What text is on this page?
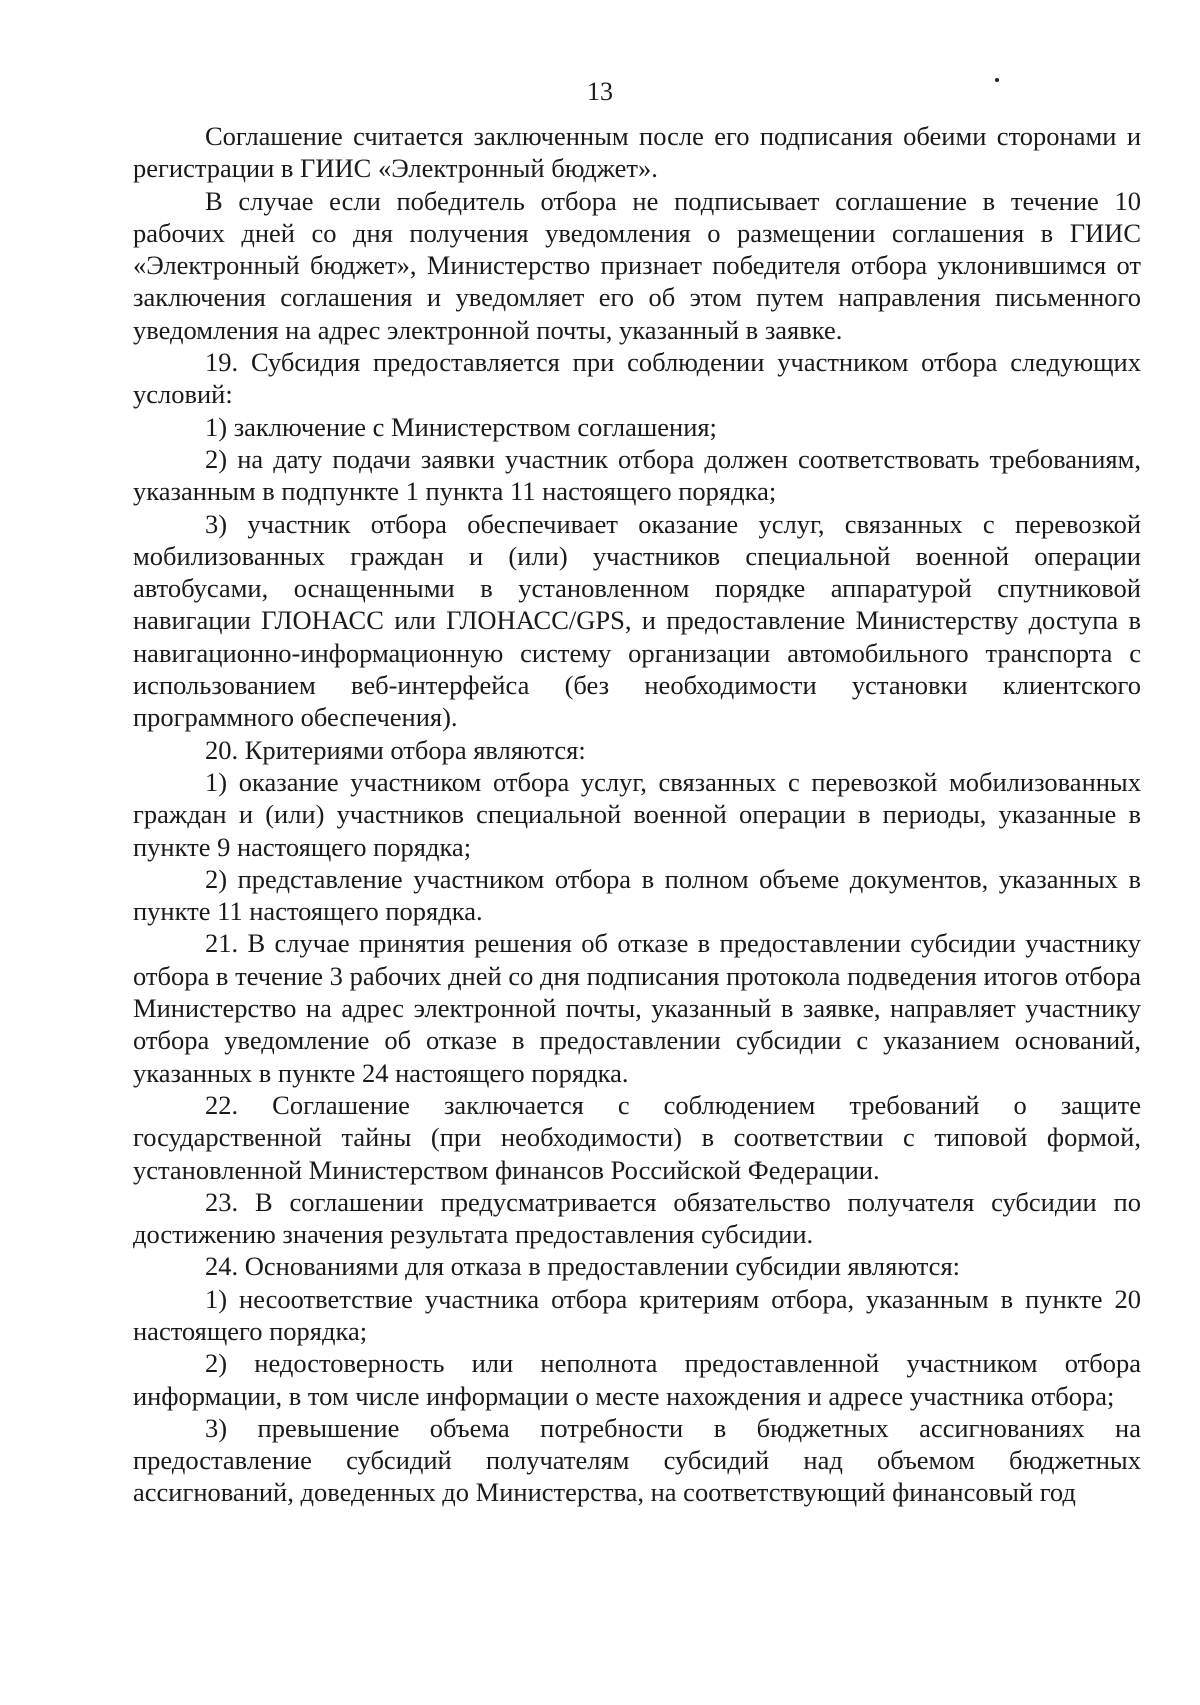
13

Соглашение считается заключенным после его подписания обеими сторонами и регистрации в ГИИС «Электронный бюджет».

В случае если победитель отбора не подписывает соглашение в течение 10 рабочих дней со дня получения уведомления о размещении соглашения в ГИИС «Электронный бюджет», Министерство признает победителя отбора уклонившимся от заключения соглашения и уведомляет его об этом путем направления письменного уведомления на адрес электронной почты, указанный в заявке.

19. Субсидия предоставляется при соблюдении участником отбора следующих условий:

1) заключение с Министерством соглашения;

2) на дату подачи заявки участник отбора должен соответствовать требованиям, указанным в подпункте 1 пункта 11 настоящего порядка;

3) участник отбора обеспечивает оказание услуг, связанных с перевозкой мобилизованных граждан и (или) участников специальной военной операции автобусами, оснащенными в установленном порядке аппаратурой спутниковой навигации ГЛОНАСС или ГЛОНАСС/GPS, и предоставление Министерству доступа в навигационно-информационную систему организации автомобильного транспорта с использованием веб-интерфейса (без необходимости установки клиентского программного обеспечения).

20. Критериями отбора являются:

1) оказание участником отбора услуг, связанных с перевозкой мобилизованных граждан и (или) участников специальной военной операции в периоды, указанные в пункте 9 настоящего порядка;

2) представление участником отбора в полном объеме документов, указанных в пункте 11 настоящего порядка.

21. В случае принятия решения об отказе в предоставлении субсидии участнику отбора в течение 3 рабочих дней со дня подписания протокола подведения итогов отбора Министерство на адрес электронной почты, указанный в заявке, направляет участнику отбора уведомление об отказе в предоставлении субсидии с указанием оснований, указанных в пункте 24 настоящего порядка.

22. Соглашение заключается с соблюдением требований о защите государственной тайны (при необходимости) в соответствии с типовой формой, установленной Министерством финансов Российской Федерации.

23. В соглашении предусматривается обязательство получателя субсидии по достижению значения результата предоставления субсидии.

24. Основаниями для отказа в предоставлении субсидии являются:

1) несоответствие участника отбора критериям отбора, указанным в пункте 20 настоящего порядка;

2) недостоверность или неполнота предоставленной участником отбора информации, в том числе информации о месте нахождения и адресе участника отбора;

3) превышение объема потребности в бюджетных ассигнованиях на предоставление субсидий получателям субсидий над объемом бюджетных ассигнований, доведенных до Министерства, на соответствующий финансовый год
